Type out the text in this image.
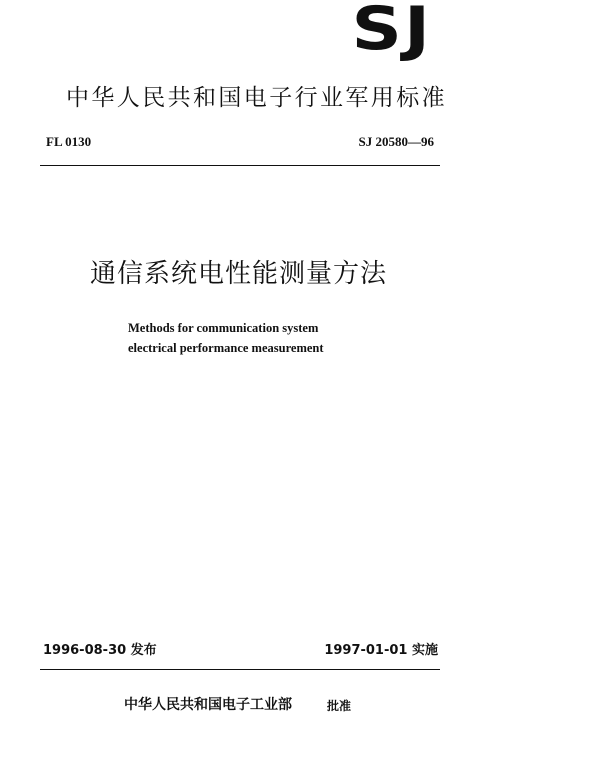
SJ
中华人民共和国电子行业军用标准
FL 0130	SJ 20580—96
通信系统电性能测量方法
Methods for communication system
electrical performance measurement
1996-08-30 发布	1997-01-01 实施
中华人民共和国电子工业部	批准
